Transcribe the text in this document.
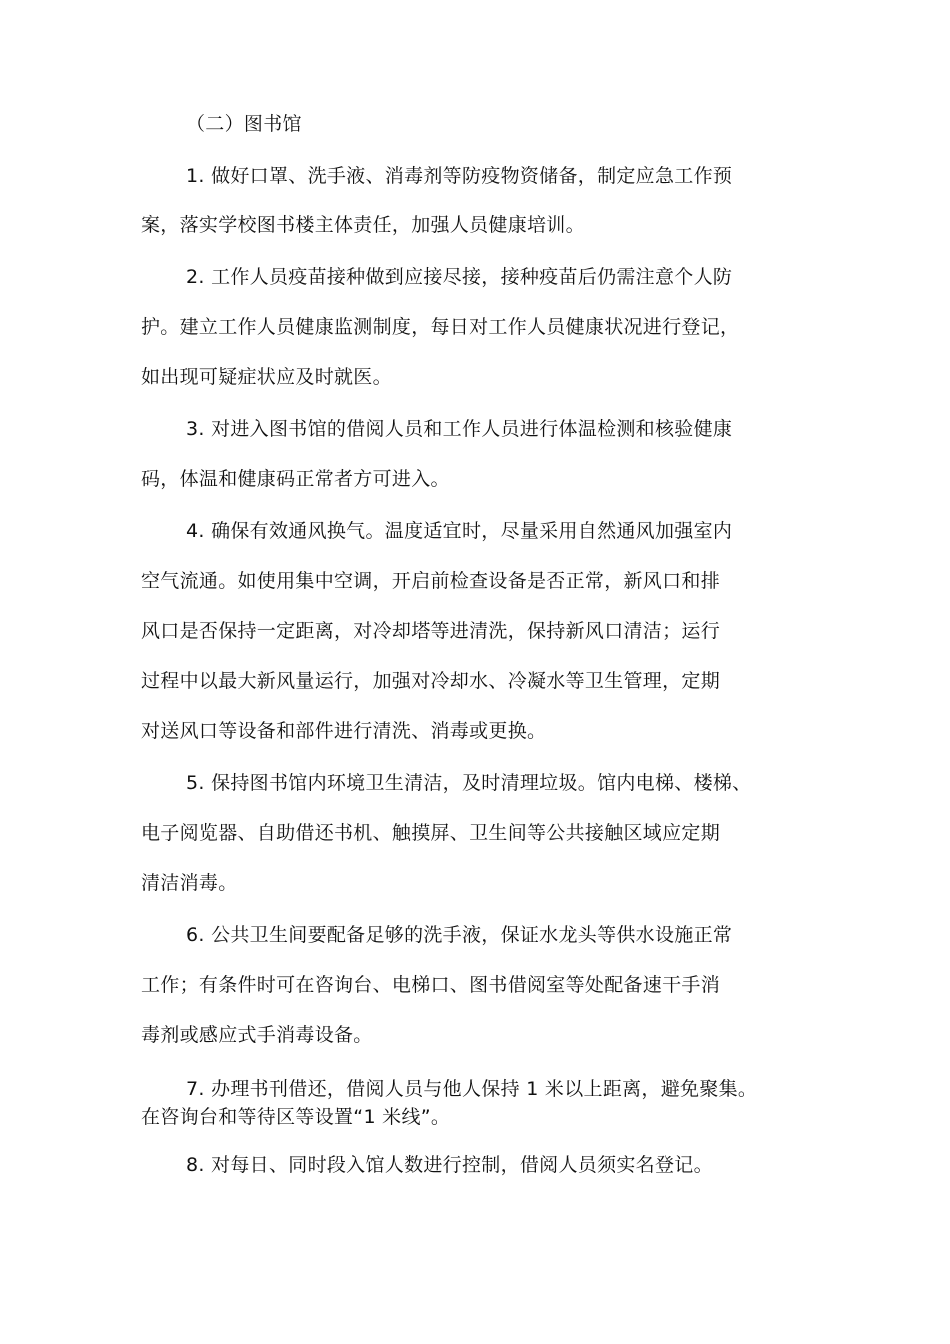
（二）图书馆
1. 做好口罩、洗手液、消毒剂等防疫物资储备，制定应急工作预
案，落实学校图书楼主体责任，加强人员健康培训。
2. 工作人员疫苗接种做到应接尽接，接种疫苗后仍需注意个人防
护。建立工作人员健康监测制度，每日对工作人员健康状况进行登记，
如出现可疑症状应及时就医。
3. 对进入图书馆的借阅人员和工作人员进行体温检测和核验健康
码，体温和健康码正常者方可进入。
4. 确保有效通风换气。温度适宜时，尽量采用自然通风加强室内
空气流通。如使用集中空调，开启前检查设备是否正常，新风口和排
风口是否保持一定距离，对冷却塔等进清洗，保持新风口清洁；运行
过程中以最大新风量运行，加强对冷却水、冷凝水等卫生管理，定期
对送风口等设备和部件进行清洗、消毒或更换。
5. 保持图书馆内环境卫生清洁，及时清理垃圾。馆内电梯、楼梯、
电子阅览器、自助借还书机、触摸屏、卫生间等公共接触区域应定期
清洁消毒。
6. 公共卫生间要配备足够的洗手液，保证水龙头等供水设施正常
工作；有条件时可在咨询台、电梯口、图书借阅室等处配备速干手消
毒剂或感应式手消毒设备。
7. 办理书刊借还，借阅人员与他人保持 1 米以上距离，避免聚集。
在咨询台和等待区等设置“1 米线”。
8. 对每日、同时段入馆人数进行控制，借阅人员须实名登记。
